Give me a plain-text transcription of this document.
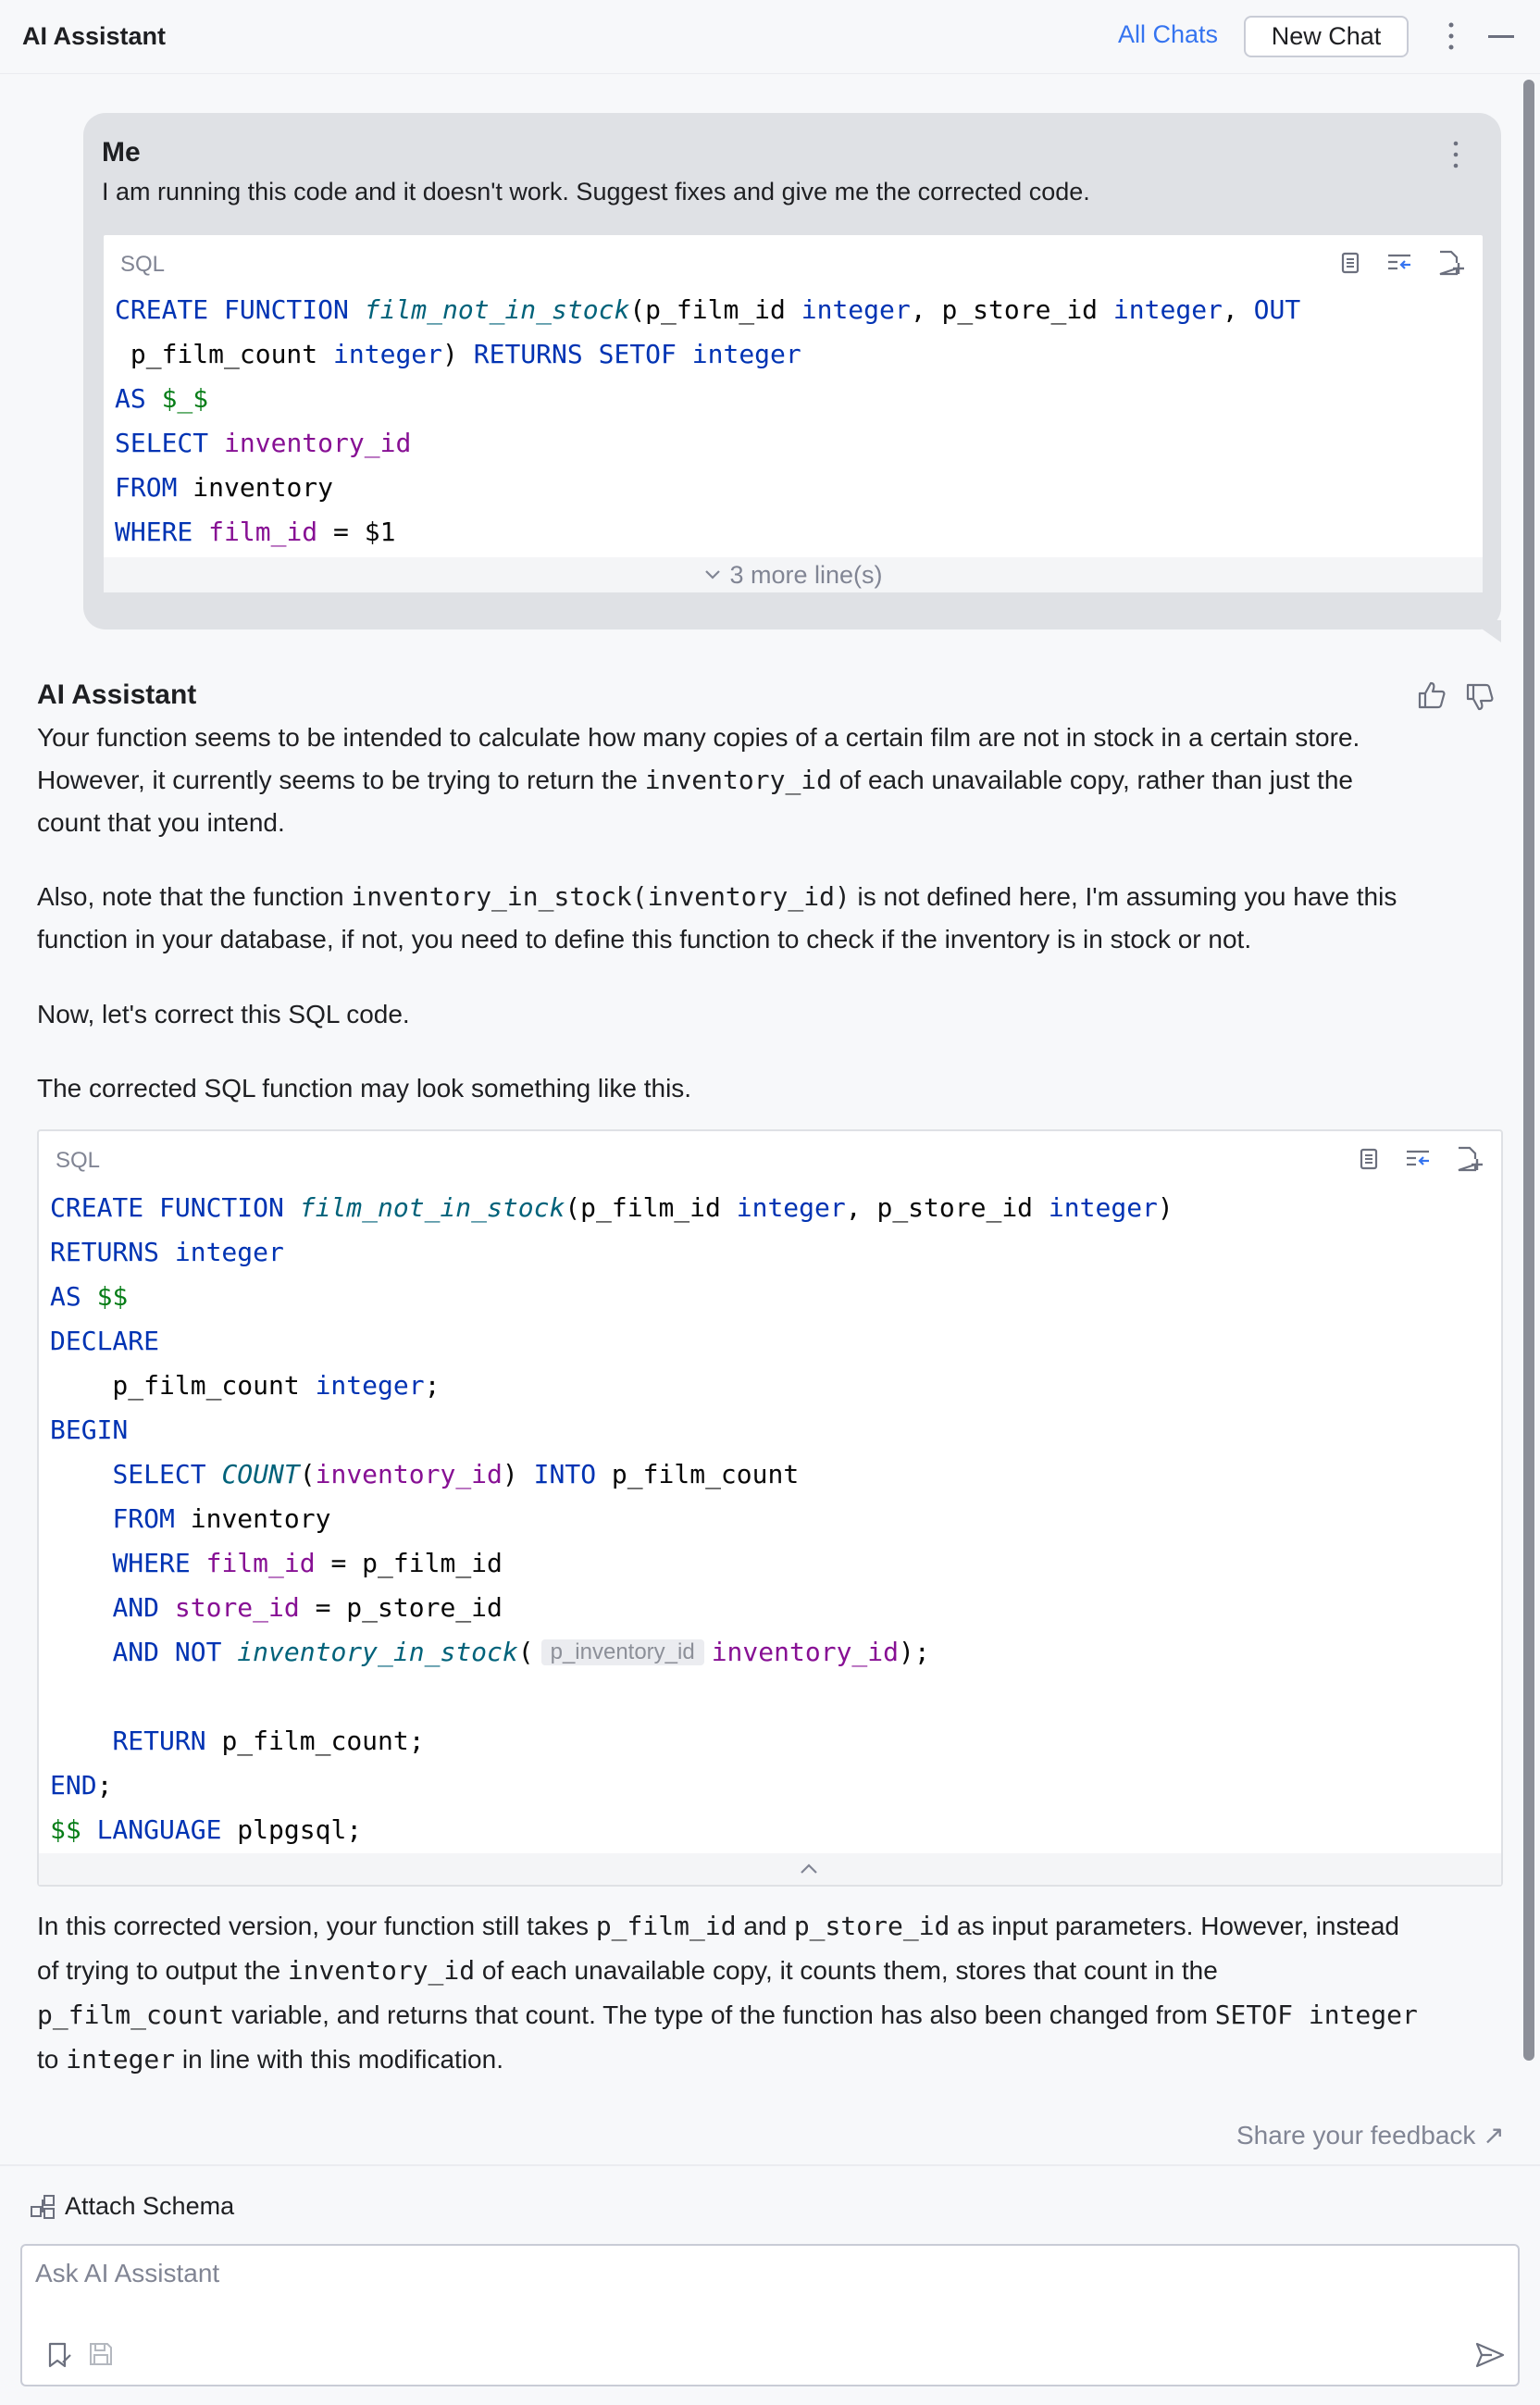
AI Assistant	All Chats	New Chat
Me
I am running this code and it doesn't work. Suggest fixes and give me the corrected code.
SQL
CREATE FUNCTION film_not_in_stock(p_film_id integer, p_store_id integer, OUT
p_film_count integer) RETURNS SETOF integer
AS $_$
SELECT inventory_id
FROM inventory
WHERE film_id = $1
3 more line(s)
AI Assistant
Your function seems to be intended to calculate how many copies of a certain film are not in stock in a certain store.
However, it currently seems to be trying to return the inventory_id of each unavailable copy, rather than just the
count that you intend.
Also, note that the function inventory_in_stock(inventory_id) is not defined here, I'm assuming you have this
function in your database, if not, you need to define this function to check if the inventory is in stock or not.
Now, let's correct this SQL code.
The corrected SQL function may look something like this.
SQL
CREATE FUNCTION film_not_in_stock(p_film_id integer, p_store_id integer)
RETURNS integer
AS $$
DECLARE
p_film_count integer;
BEGIN
SELECT COUNT(inventory_id) INTO p_film_count
FROM inventory
WHERE film_id = p_film_id
AND store_id = p_store_id
AND NOT inventory_in_stock( p_inventory_id inventory_id);
RETURN p_film_count;
END;
$$ LANGUAGE plpgsql;
In this corrected version, your function still takes p_film_id and p_store_id as input parameters. However, instead
of trying to output the inventory_id of each unavailable copy, it counts them, stores that count in the
p_film_count variable, and returns that count. The type of the function has also been changed from SETOF integer
to integer in line with this modification.
Share your feedback ↗
Attach Schema
Ask AI Assistant
